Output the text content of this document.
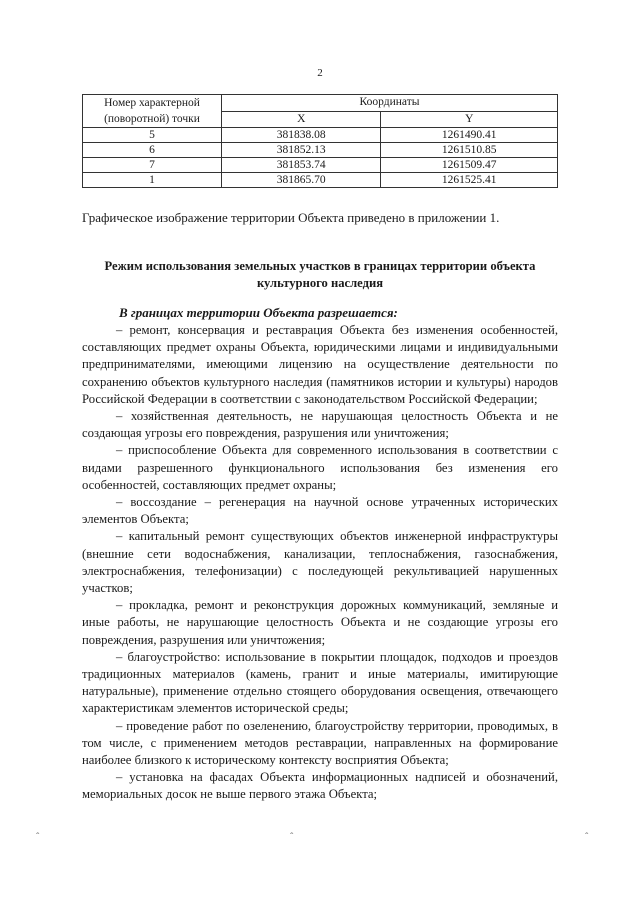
2
Номер характерной (поворотной) точки	Координаты	
	X	Y
5	381838.08	1261490.41
6	381852.13	1261510.85
7	381853.74	1261509.47
1	381865.70	1261525.41
Графическое изображение территории Объекта приведено в приложении 1.
Режим использования земельных участков в границах территории объекта культурного наследия
В границах территории Объекта разрешается:

– ремонт, консервация и реставрация Объекта без изменения особенностей, составляющих предмет охраны Объекта, юридическими лицами и индивидуальными предпринимателями, имеющими лицензию на осуществление деятельности по сохранению объектов культурного наследия (памятников истории и культуры) народов Российской Федерации в соответствии с законодательством Российской Федерации;

– хозяйственная деятельность, не нарушающая целостность Объекта и не создающая угрозы его повреждения, разрушения или уничтожения;

– приспособление Объекта для современного использования в соответствии с видами разрешенного функционального использования без изменения его особенностей, составляющих предмет охраны;

– воссоздание – регенерация на научной основе утраченных исторических элементов Объекта;

– капитальный ремонт существующих объектов инженерной инфраструктуры (внешние сети водоснабжения, канализации, теплоснабжения, газоснабжения, электроснабжения, телефонизации) с последующей рекультивацией нарушенных участков;

– прокладка, ремонт и реконструкция дорожных коммуникаций, земляные и иные работы, не нарушающие целостность Объекта и не создающие угрозы его повреждения, разрушения или уничтожения;

– благоустройство: использование в покрытии площадок, подходов и проездов традиционных материалов (камень, гранит и иные материалы, имитирующие натуральные), применение отдельно стоящего оборудования освещения, отвечающего характеристикам элементов исторической среды;

– проведение работ по озеленению, благоустройству территории, проводимых, в том числе, с применением методов реставрации, направленных на формирование наиболее близкого к историческому контексту восприятия Объекта;

– установка на фасадах Объекта информационных надписей и обозначений, мемориальных досок не выше первого этажа Объекта;

ˆ	ˆ	ˆ
